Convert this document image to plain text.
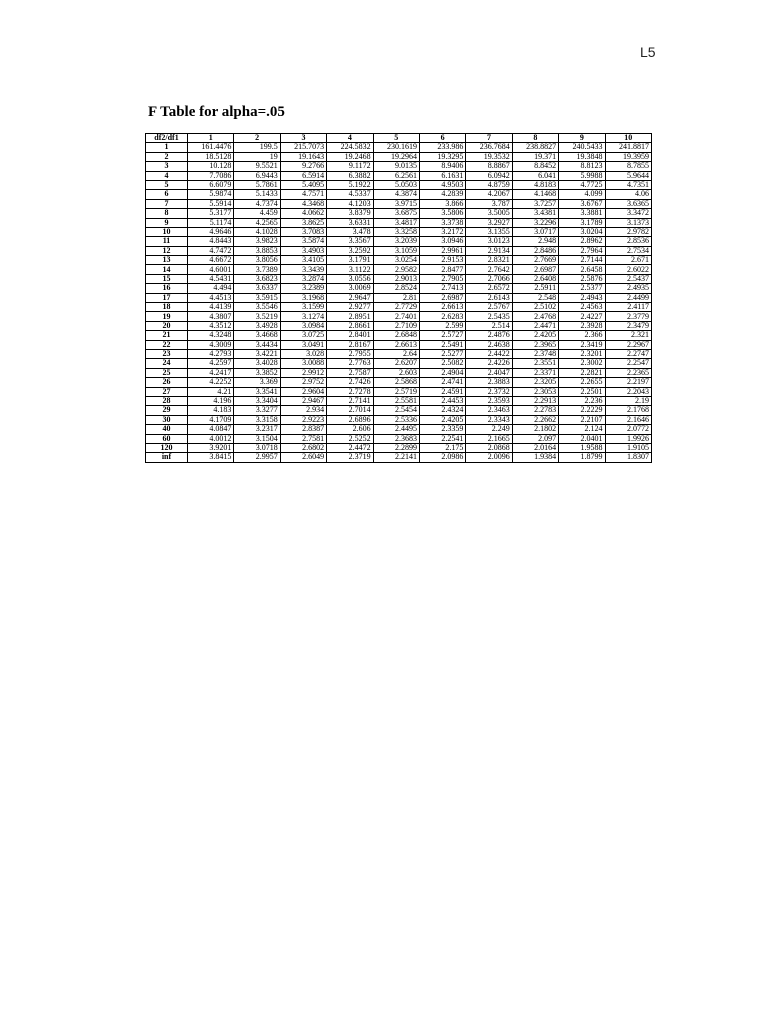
L5
F Table for alpha=.05
df2/df1	1	2	3	4	5	6	7	8	9	10
1	161.4476	199.5	215.7073	224.5832	230.1619	233.986	236.7684	238.8827	240.5433	241.8817
2	18.5128	19	19.1643	19.2468	19.2964	19.3295	19.3532	19.371	19.3848	19.3959
3	10.128	9.5521	9.2766	9.1172	9.0135	8.9406	8.8867	8.8452	8.8123	8.7855
4	7.7086	6.9443	6.5914	6.3882	6.2561	6.1631	6.0942	6.041	5.9988	5.9644
5	6.6079	5.7861	5.4095	5.1922	5.0503	4.9503	4.8759	4.8183	4.7725	4.7351
6	5.9874	5.1433	4.7571	4.5337	4.3874	4.2839	4.2067	4.1468	4.099	4.06
7	5.5914	4.7374	4.3468	4.1203	3.9715	3.866	3.787	3.7257	3.6767	3.6365
8	5.3177	4.459	4.0662	3.8379	3.6875	3.5806	3.5005	3.4381	3.3881	3.3472
9	5.1174	4.2565	3.8625	3.6331	3.4817	3.3738	3.2927	3.2296	3.1789	3.1373
10	4.9646	4.1028	3.7083	3.478	3.3258	3.2172	3.1355	3.0717	3.0204	2.9782
11	4.8443	3.9823	3.5874	3.3567	3.2039	3.0946	3.0123	2.948	2.8962	2.8536
12	4.7472	3.8853	3.4903	3.2592	3.1059	2.9961	2.9134	2.8486	2.7964	2.7534
13	4.6672	3.8056	3.4105	3.1791	3.0254	2.9153	2.8321	2.7669	2.7144	2.671
14	4.6001	3.7389	3.3439	3.1122	2.9582	2.8477	2.7642	2.6987	2.6458	2.6022
15	4.5431	3.6823	3.2874	3.0556	2.9013	2.7905	2.7066	2.6408	2.5876	2.5437
16	4.494	3.6337	3.2389	3.0069	2.8524	2.7413	2.6572	2.5911	2.5377	2.4935
17	4.4513	3.5915	3.1968	2.9647	2.81	2.6987	2.6143	2.548	2.4943	2.4499
18	4.4139	3.5546	3.1599	2.9277	2.7729	2.6613	2.5767	2.5102	2.4563	2.4117
19	4.3807	3.5219	3.1274	2.8951	2.7401	2.6283	2.5435	2.4768	2.4227	2.3779
20	4.3512	3.4928	3.0984	2.8661	2.7109	2.599	2.514	2.4471	2.3928	2.3479
21	4.3248	3.4668	3.0725	2.8401	2.6848	2.5727	2.4876	2.4205	2.366	2.321
22	4.3009	3.4434	3.0491	2.8167	2.6613	2.5491	2.4638	2.3965	2.3419	2.2967
23	4.2793	3.4221	3.028	2.7955	2.64	2.5277	2.4422	2.3748	2.3201	2.2747
24	4.2597	3.4028	3.0088	2.7763	2.6207	2.5082	2.4226	2.3551	2.3002	2.2547
25	4.2417	3.3852	2.9912	2.7587	2.603	2.4904	2.4047	2.3371	2.2821	2.2365
26	4.2252	3.369	2.9752	2.7426	2.5868	2.4741	2.3883	2.3205	2.2655	2.2197
27	4.21	3.3541	2.9604	2.7278	2.5719	2.4591	2.3732	2.3053	2.2501	2.2043
28	4.196	3.3404	2.9467	2.7141	2.5581	2.4453	2.3593	2.2913	2.236	2.19
29	4.183	3.3277	2.934	2.7014	2.5454	2.4324	2.3463	2.2783	2.2229	2.1768
30	4.1709	3.3158	2.9223	2.6896	2.5336	2.4205	2.3343	2.2662	2.2107	2.1646
40	4.0847	3.2317	2.8387	2.606	2.4495	2.3359	2.249	2.1802	2.124	2.0772
60	4.0012	3.1504	2.7581	2.5252	2.3683	2.2541	2.1665	2.097	2.0401	1.9926
120	3.9201	3.0718	2.6802	2.4472	2.2899	2.175	2.0868	2.0164	1.9588	1.9105
inf	3.8415	2.9957	2.6049	2.3719	2.2141	2.0986	2.0096	1.9384	1.8799	1.8307
